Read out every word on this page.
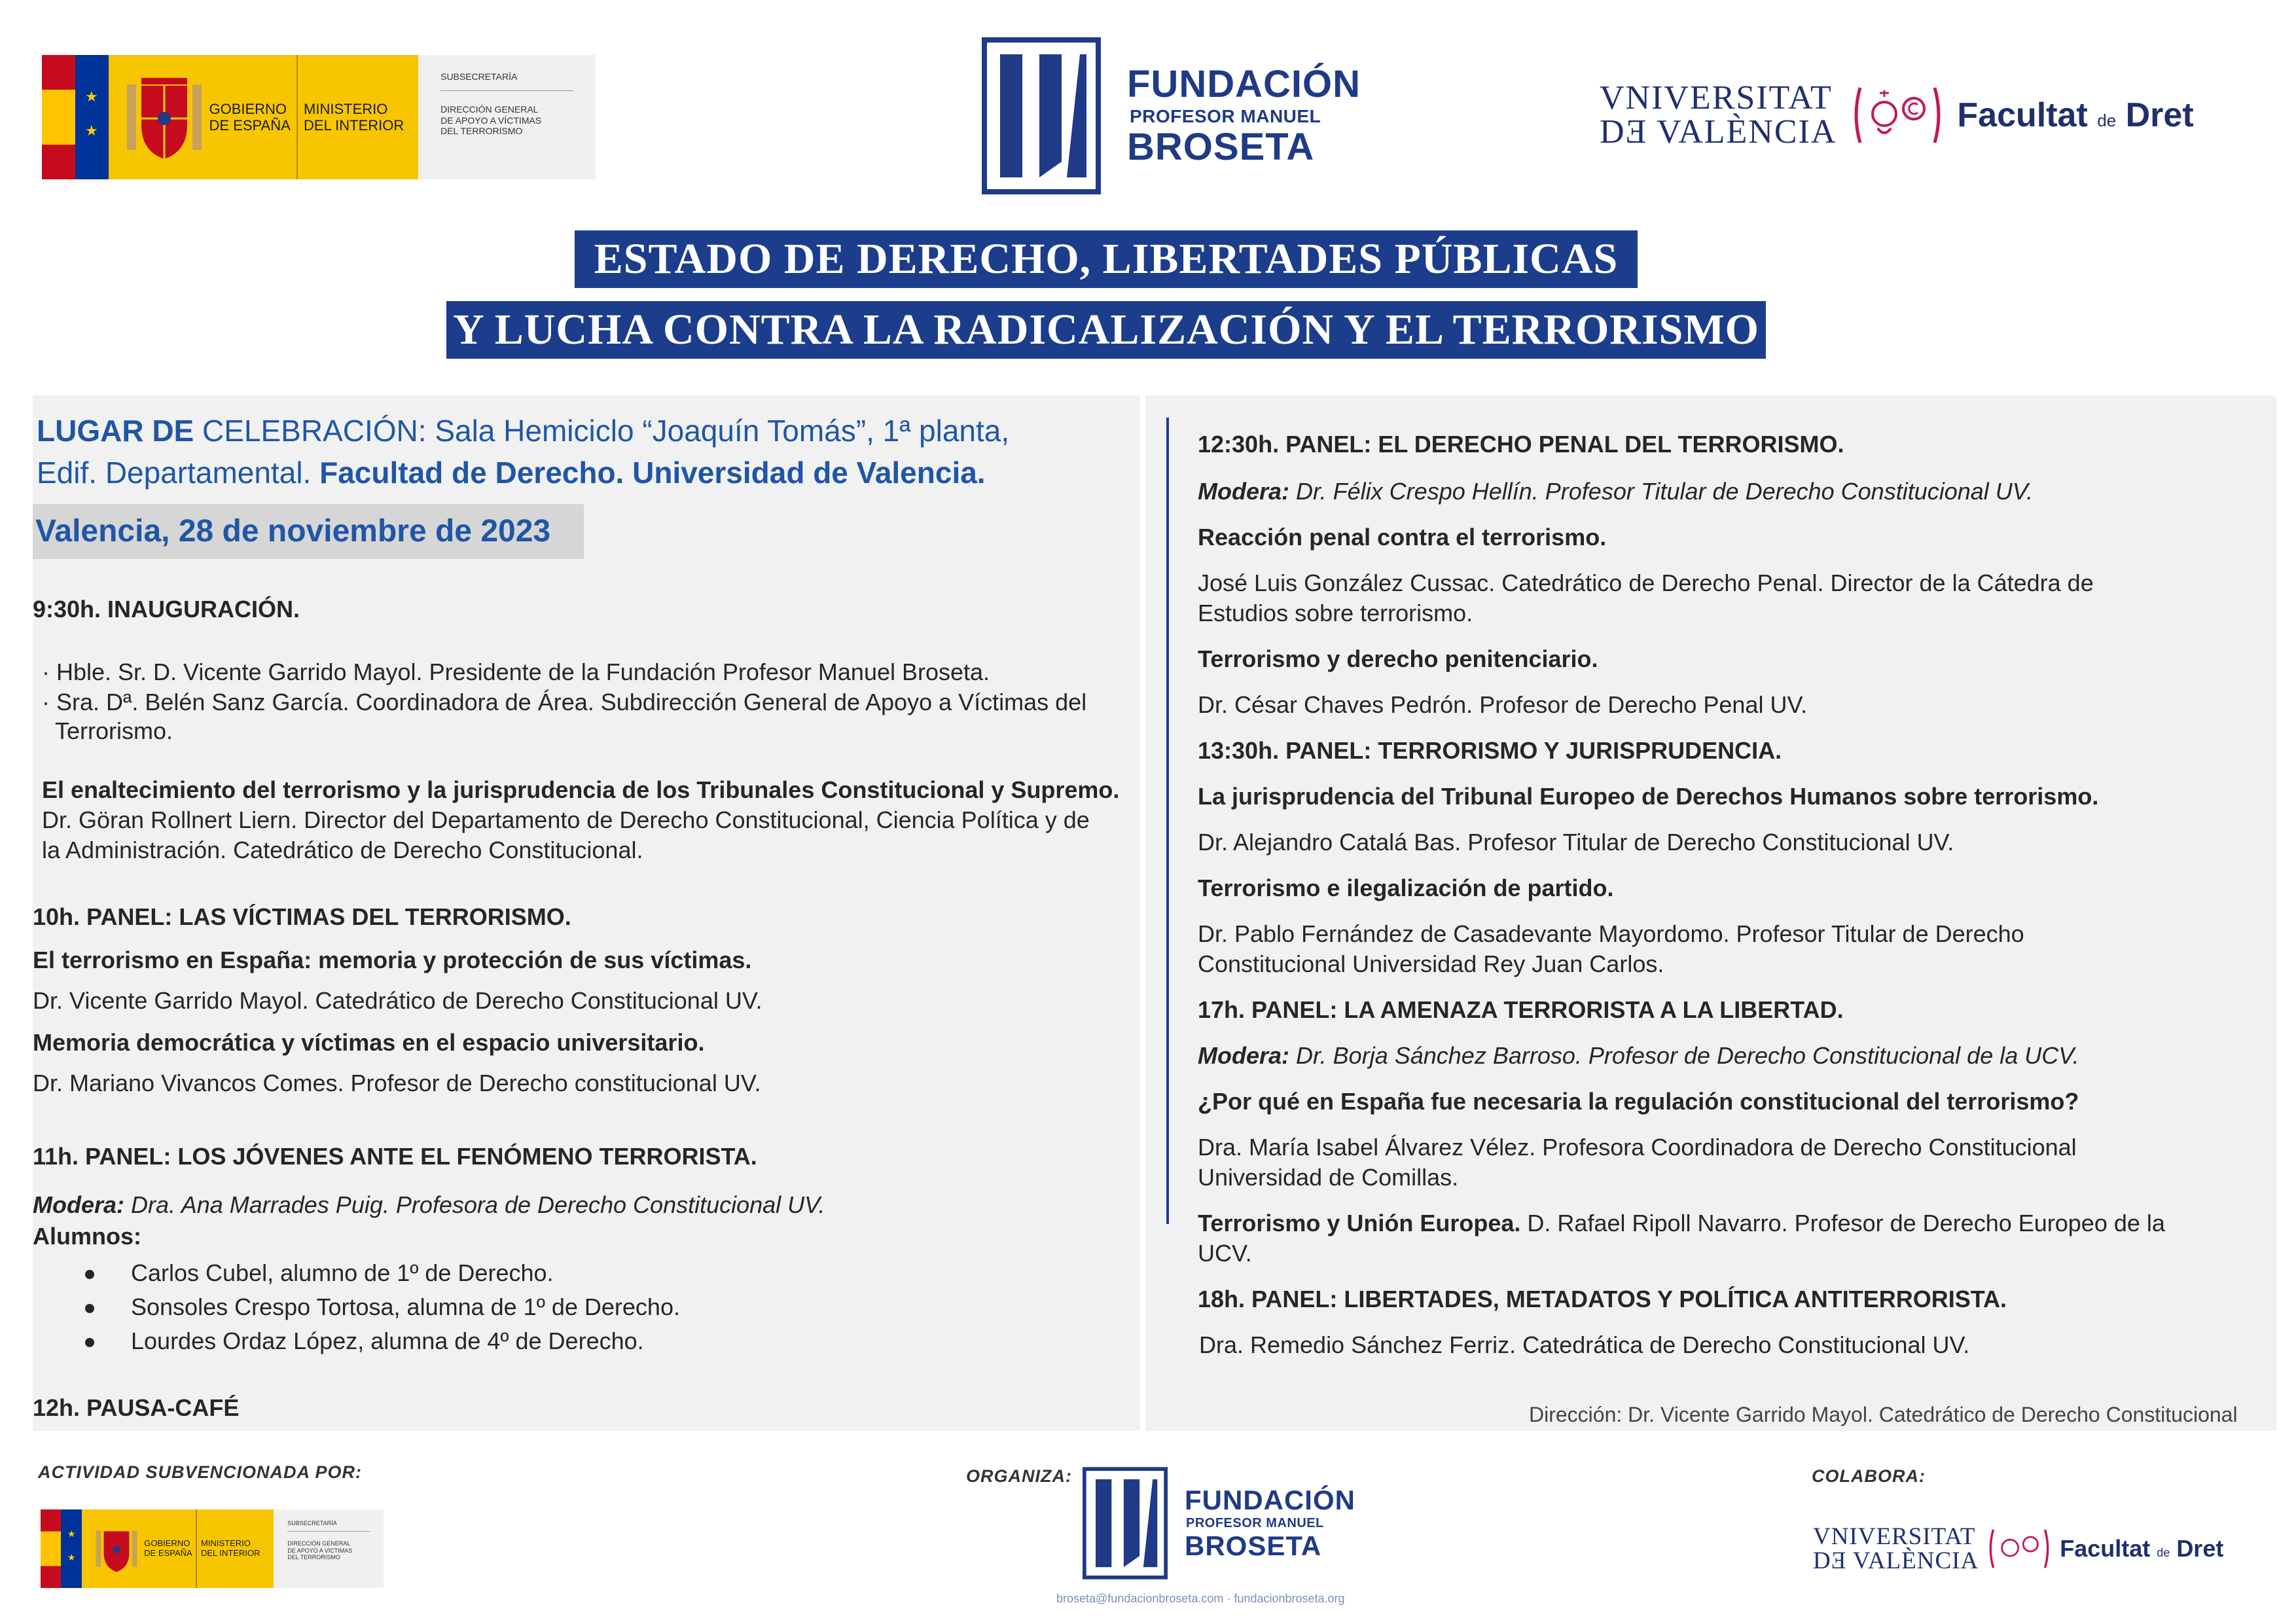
★
★
GOBIERNO
DE ESPAÑA
MINISTERIO
DEL INTERIOR
SUBSECRETARÍA
DIRECCIÓN GENERAL
DE APOYO A VÍCTIMAS
DEL TERRORISMO
FUNDACIÓN
PROFESOR MANUEL
BROSETA
VNIVERSITAT
DƎ VALÈNCIA	Facultat de Dret
ESTADO DE DERECHO, LIBERTADES PÚBLICAS
Y LUCHA CONTRA LA RADICALIZACIÓN Y EL TERRORISMO
LUGAR DE CELEBRACIÓN: Sala Hemiciclo “Joaquín Tomás”, 1ª planta,
Edif. Departamental. Facultad de Derecho. Universidad de Valencia.
Valencia, 28 de noviembre de 2023
9:30h. INAUGURACIÓN.
· Hble. Sr. D. Vicente Garrido Mayol. Presidente de la Fundación Profesor Manuel Broseta.
· Sra. Dª. Belén Sanz García. Coordinadora de Área. Subdirección General de Apoyo a Víctimas del
Terrorismo.
El enaltecimiento del terrorismo y la jurisprudencia de los Tribunales Constitucional y Supremo.
Dr. Göran Rollnert Liern. Director del Departamento de Derecho Constitucional, Ciencia Política y de
la Administración. Catedrático de Derecho Constitucional.
10h. PANEL: LAS VÍCTIMAS DEL TERRORISMO.
El terrorismo en España: memoria y protección de sus víctimas.
Dr. Vicente Garrido Mayol. Catedrático de Derecho Constitucional UV.
Memoria democrática y víctimas en el espacio universitario.
Dr. Mariano Vivancos Comes. Profesor de Derecho constitucional UV.
11h. PANEL: LOS JÓVENES ANTE EL FENÓMENO TERRORISTA.
Modera: Dra. Ana Marrades Puig. Profesora de Derecho Constitucional UV.
Alumnos:
Carlos Cubel, alumno de 1º de Derecho.
Sonsoles Crespo Tortosa, alumna de 1º de Derecho.
Lourdes Ordaz López, alumna de 4º de Derecho.
12h. PAUSA-CAFÉ
12:30h. PANEL: EL DERECHO PENAL DEL TERRORISMO.
Modera: Dr. Félix Crespo Hellín. Profesor Titular de Derecho Constitucional UV.
Reacción penal contra el terrorismo.
José Luis González Cussac. Catedrático de Derecho Penal. Director de la Cátedra de
Estudios sobre terrorismo.
Terrorismo y derecho penitenciario.
Dr. César Chaves Pedrón. Profesor de Derecho Penal UV.
13:30h. PANEL: TERRORISMO Y JURISPRUDENCIA.
La jurisprudencia del Tribunal Europeo de Derechos Humanos sobre terrorismo.
Dr. Alejandro Catalá Bas. Profesor Titular de Derecho Constitucional UV.
Terrorismo e ilegalización de partido.
Dr. Pablo Fernández de Casadevante Mayordomo. Profesor Titular de Derecho
Constitucional Universidad Rey Juan Carlos.
17h. PANEL: LA AMENAZA TERRORISTA A LA LIBERTAD.
Modera: Dr. Borja Sánchez Barroso. Profesor de Derecho Constitucional de la UCV.
¿Por qué en España fue necesaria la regulación constitucional del terrorismo?
Dra. María Isabel Álvarez Vélez. Profesora Coordinadora de Derecho Constitucional
Universidad de Comillas.
Terrorismo y Unión Europea. D. Rafael Ripoll Navarro. Profesor de Derecho Europeo de la
UCV.
18h. PANEL: LIBERTADES, METADATOS Y POLÍTICA ANTITERRORISTA.
Dra. Remedio Sánchez Ferriz. Catedrática de Derecho Constitucional UV.
Dirección: Dr. Vicente Garrido Mayol. Catedrático de Derecho Constitucional
ACTIVIDAD SUBVENCIONADA POR:	ORGANIZA:	COLABORA:
★
★
GOBIERNO
DE ESPAÑA
MINISTERIO
DEL INTERIOR
SUBSECRETARÍA
DIRECCIÓN GENERAL
DE APOYO A VÍCTIMAS
DEL TERRORISMO
FUNDACIÓN
PROFESOR MANUEL
BROSETA
broseta@fundacionbroseta.com · fundacionbroseta.org
VNIVERSITAT
DƎ VALÈNCIA	Facultat de Dret
